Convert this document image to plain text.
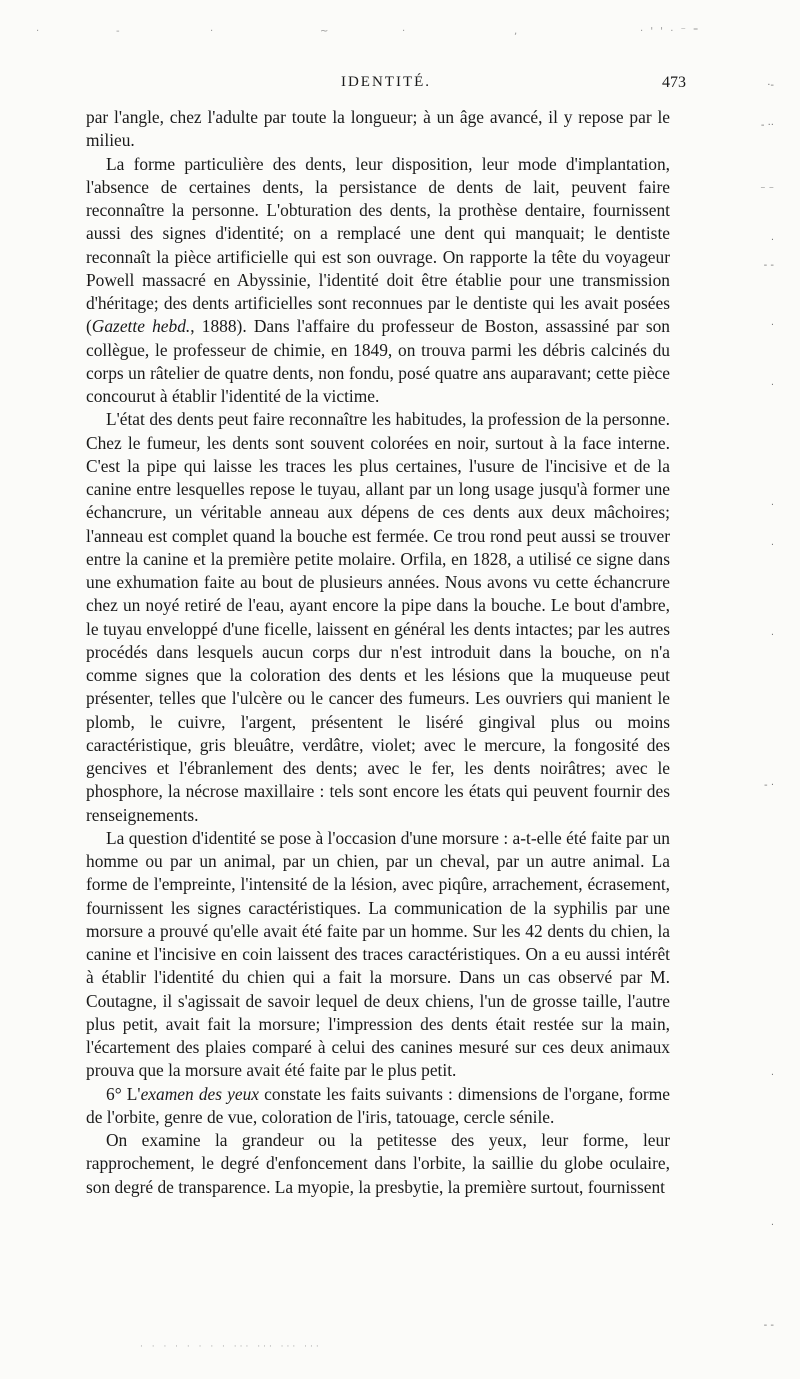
·	-	·	~	·	,	· ' ' · ⁻ ⁼
IDENTITÉ.	473

par l'angle, chez l'adulte par toute la longueur; à un âge avancé, il y repose par le milieu.

La forme particulière des dents, leur disposition, leur mode d'implantation, l'absence de certaines dents, la persistance de dents de lait, peuvent faire reconnaître la personne. L'obturation des dents, la prothèse dentaire, fournissent aussi des signes d'identité; on a remplacé une dent qui manquait; le dentiste reconnaît la pièce artificielle qui est son ouvrage. On rapporte la tête du voyageur Powell massacré en Abyssinie, l'identité doit être établie pour une transmission d'héritage; des dents artificielles sont reconnues par le dentiste qui les avait posées (Gazette hebd., 1888). Dans l'affaire du professeur de Boston, assassiné par son collègue, le professeur de chimie, en 1849, on trouva parmi les débris calcinés du corps un râtelier de quatre dents, non fondu, posé quatre ans auparavant; cette pièce concourut à établir l'identité de la victime.

L'état des dents peut faire reconnaître les habitudes, la profession de la personne. Chez le fumeur, les dents sont souvent colorées en noir, surtout à la face interne. C'est la pipe qui laisse les traces les plus certaines, l'usure de l'incisive et de la canine entre lesquelles repose le tuyau, allant par un long usage jusqu'à former une échancrure, un véritable anneau aux dépens de ces dents aux deux mâchoires; l'anneau est complet quand la bouche est fermée. Ce trou rond peut aussi se trouver entre la canine et la première petite molaire. Orfila, en 1828, a utilisé ce signe dans une exhumation faite au bout de plusieurs années. Nous avons vu cette échancrure chez un noyé retiré de l'eau, ayant encore la pipe dans la bouche. Le bout d'ambre, le tuyau enveloppé d'une ficelle, laissent en général les dents intactes; par les autres procédés dans lesquels aucun corps dur n'est introduit dans la bouche, on n'a comme signes que la coloration des dents et les lésions que la muqueuse peut présenter, telles que l'ulcère ou le cancer des fumeurs. Les ouvriers qui manient le plomb, le cuivre, l'argent, présentent le liséré gingival plus ou moins caractéristique, gris bleuâtre, verdâtre, violet; avec le mercure, la fongosité des gencives et l'ébranlement des dents; avec le fer, les dents noirâtres; avec le phosphore, la nécrose maxillaire : tels sont encore les états qui peuvent fournir des renseignements.

La question d'identité se pose à l'occasion d'une morsure : a-t-elle été faite par un homme ou par un animal, par un chien, par un cheval, par un autre animal. La forme de l'empreinte, l'intensité de la lésion, avec piqûre, arrachement, écrasement, fournissent les signes caractéristiques. La communication de la syphilis par une morsure a prouvé qu'elle avait été faite par un homme. Sur les 42 dents du chien, la canine et l'incisive en coin laissent des traces caractéristiques. On a eu aussi intérêt à établir l'identité du chien qui a fait la morsure. Dans un cas observé par M. Coutagne, il s'agissait de savoir lequel de deux chiens, l'un de grosse taille, l'autre plus petit, avait fait la morsure; l'impression des dents était restée sur la main, l'écartement des plaies comparé à celui des canines mesuré sur ces deux animaux prouva que la morsure avait été faite par le plus petit.

6° L'examen des yeux constate les faits suivants : dimensions de l'organe, forme de l'orbite, genre de vue, coloration de l'iris, tatouage, cercle sénile.

On examine la grandeur ou la petitesse des yeux, leur forme, leur rapprochement, le degré d'enfoncement dans l'orbite, la saillie du globe oculaire, son degré de transparence. La myopie, la presbytie, la première surtout, fournissent

·-
- ··
⁻ ⁻
·
- -
·
·
·
·
·
- ·
·
·
- -
· · · · · · · · ··· ··· ··· ···
